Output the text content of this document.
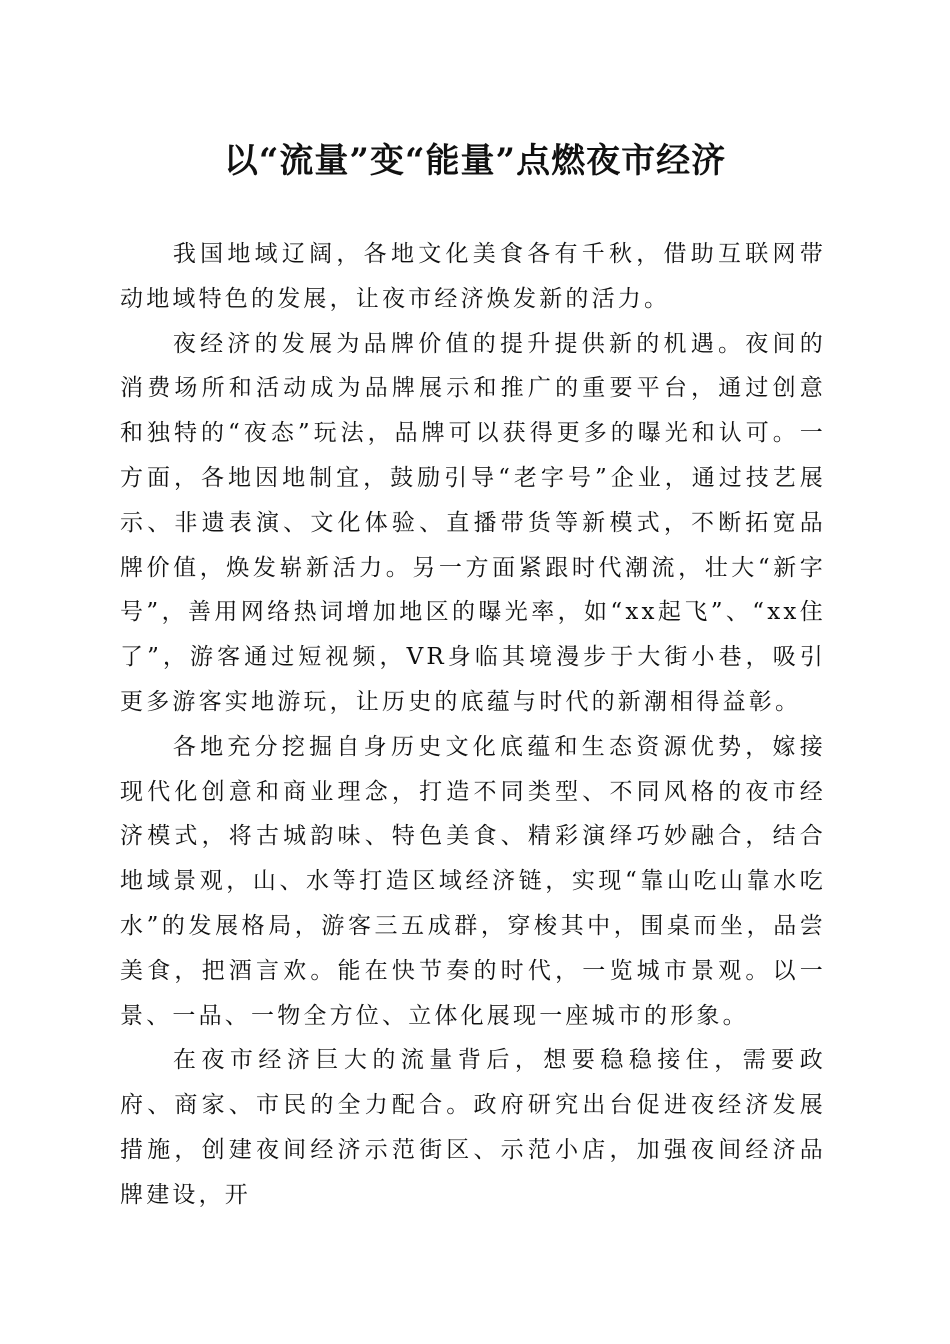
以“流量”变“能量”点燃夜市经济

我国地域辽阔，各地文化美食各有千秋，借助互联网带动地域特色的发展，让夜市经济焕发新的活力。

夜经济的发展为品牌价值的提升提供新的机遇。夜间的消费场所和活动成为品牌展示和推广的重要平台，通过创意和独特的“夜态”玩法，品牌可以获得更多的曝光和认可。一方面，各地因地制宜，鼓励引导“老字号”企业，通过技艺展示、非遗表演、文化体验、直播带货等新模式，不断拓宽品牌价值，焕发崭新活力。另一方面紧跟时代潮流，壮大“新字号”，善用网络热词增加地区的曝光率，如“xx起飞”、“xx住了”，游客通过短视频，VR身临其境漫步于大街小巷，吸引更多游客实地游玩，让历史的底蕴与时代的新潮相得益彰。

各地充分挖掘自身历史文化底蕴和生态资源优势，嫁接现代化创意和商业理念，打造不同类型、不同风格的夜市经济模式，将古城韵味、特色美食、精彩演绎巧妙融合，结合地域景观，山、水等打造区域经济链，实现“靠山吃山靠水吃水”的发展格局，游客三五成群，穿梭其中，围桌而坐，品尝美食，把酒言欢。能在快节奏的时代，一览城市景观。以一景、一品、一物全方位、立体化展现一座城市的形象。

在夜市经济巨大的流量背后，想要稳稳接住，需要政府、商家、市民的全力配合。政府研究出台促进夜经济发展措施，创建夜间经济示范街区、示范小店，加强夜间经济品牌建设，开
